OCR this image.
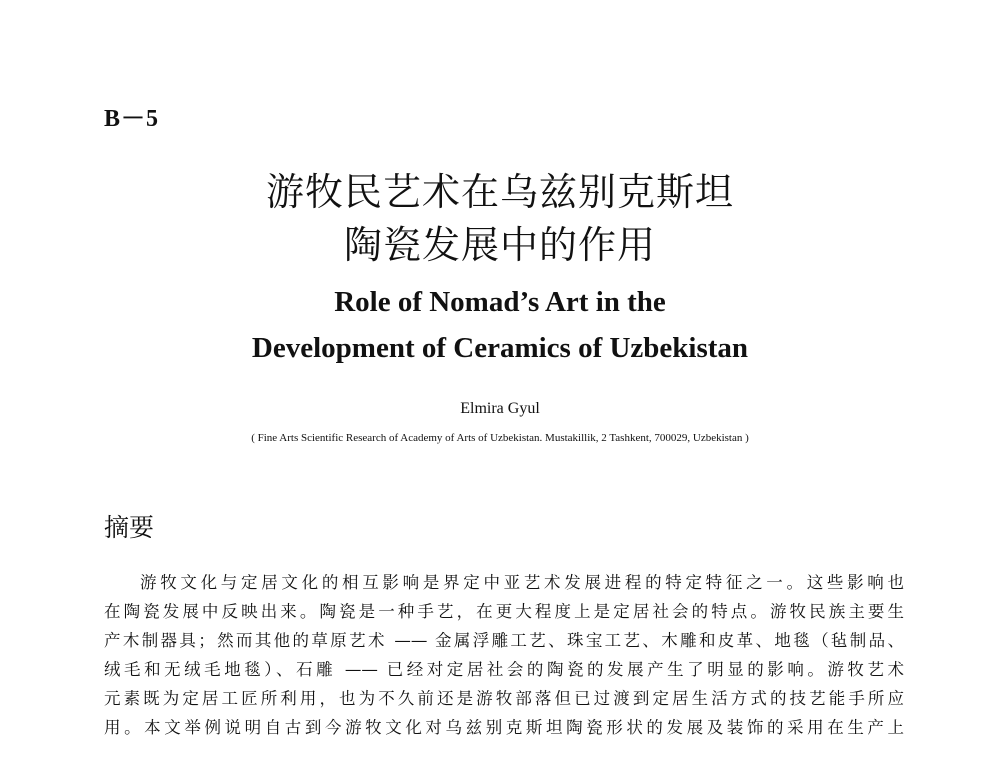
B－5
游牧民艺术在乌兹别克斯坦
陶瓷发展中的作用
Role of Nomad’s Art in the
Development of Ceramics of Uzbekistan
Elmira Gyul
( Fine Arts Scientific Research of Academy of Arts of Uzbekistan. Mustakillik, 2 Tashkent, 700029, Uzbekistan )
摘要
游牧文化与定居文化的相互影响是界定中亚艺术发展进程的特定特征之一。这些影响也
在陶瓷发展中反映出来。陶瓷是一种手艺，在更大程度上是定居社会的特点。游牧民族主要生
产木制器具；然而其他的草原艺术 —— 金属浮雕工艺、珠宝工艺、木雕和皮革、地毯（毡制品、
绒毛和无绒毛地毯）、石雕 —— 已经对定居社会的陶瓷的发展产生了明显的影响。游牧艺术
元素既为定居工匠所利用，也为不久前还是游牧部落但已过渡到定居生活方式的技艺能手所应
用。本文举例说明自古到今游牧文化对乌兹别克斯坦陶瓷形状的发展及装饰的采用在生产上
